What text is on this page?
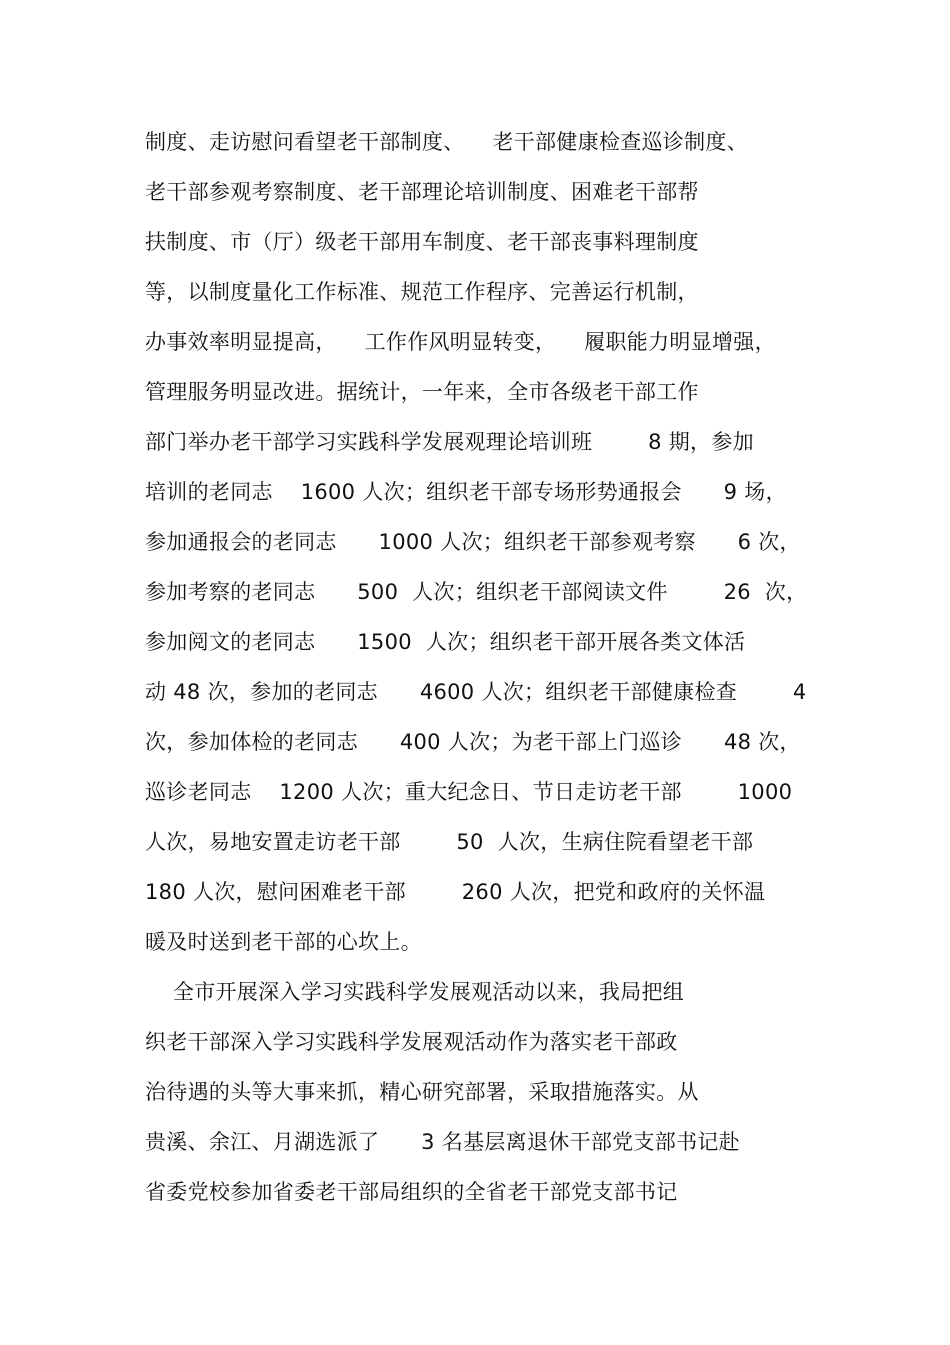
制度、走访慰问看望老干部制度、    老干部健康检查巡诊制度、
老干部参观考察制度、老干部理论培训制度、困难老干部帮
扶制度、市（厅）级老干部用车制度、老干部丧事料理制度
等，以制度量化工作标准、规范工作程序、完善运行机制，
办事效率明显提高，    工作作风明显转变，    履职能力明显增强，
管理服务明显改进。据统计，一年来，全市各级老干部工作
部门举办老干部学习实践科学发展观理论培训班        8 期，参加
培训的老同志    1600 人次；组织老干部专场形势通报会      9 场，
参加通报会的老同志      1000 人次；组织老干部参观考察      6 次，
参加考察的老同志      500  人次；组织老干部阅读文件        26  次，
参加阅文的老同志      1500  人次；组织老干部开展各类文体活
动 48 次，参加的老同志      4600 人次；组织老干部健康检查        4
次，参加体检的老同志      400 人次；为老干部上门巡诊      48 次，
巡诊老同志    1200 人次；重大纪念日、节日走访老干部        1000
人次，易地安置走访老干部        50  人次，生病住院看望老干部
180 人次，慰问困难老干部        260 人次，把党和政府的关怀温
暖及时送到老干部的心坎上。
全市开展深入学习实践科学发展观活动以来，我局把组
织老干部深入学习实践科学发展观活动作为落实老干部政
治待遇的头等大事来抓，精心研究部署，采取措施落实。从
贵溪、余江、月湖选派了      3 名基层离退休干部党支部书记赴
省委党校参加省委老干部局组织的全省老干部党支部书记
